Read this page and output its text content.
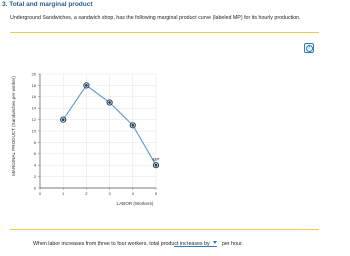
3. Total and marginal product
Underground Sandwiches, a sandwich shop, has the following marginal product curve (labeled MP) for its hourly production.
?
0
2
4
6
8
10
12
14
16
18
20
0	1	2	3	4	5
MARGINAL PRODUCT (Sandwiches per worker)
LABOR (Workers)
MP
When labor increases from three to four workers, total product increases by per hour.
